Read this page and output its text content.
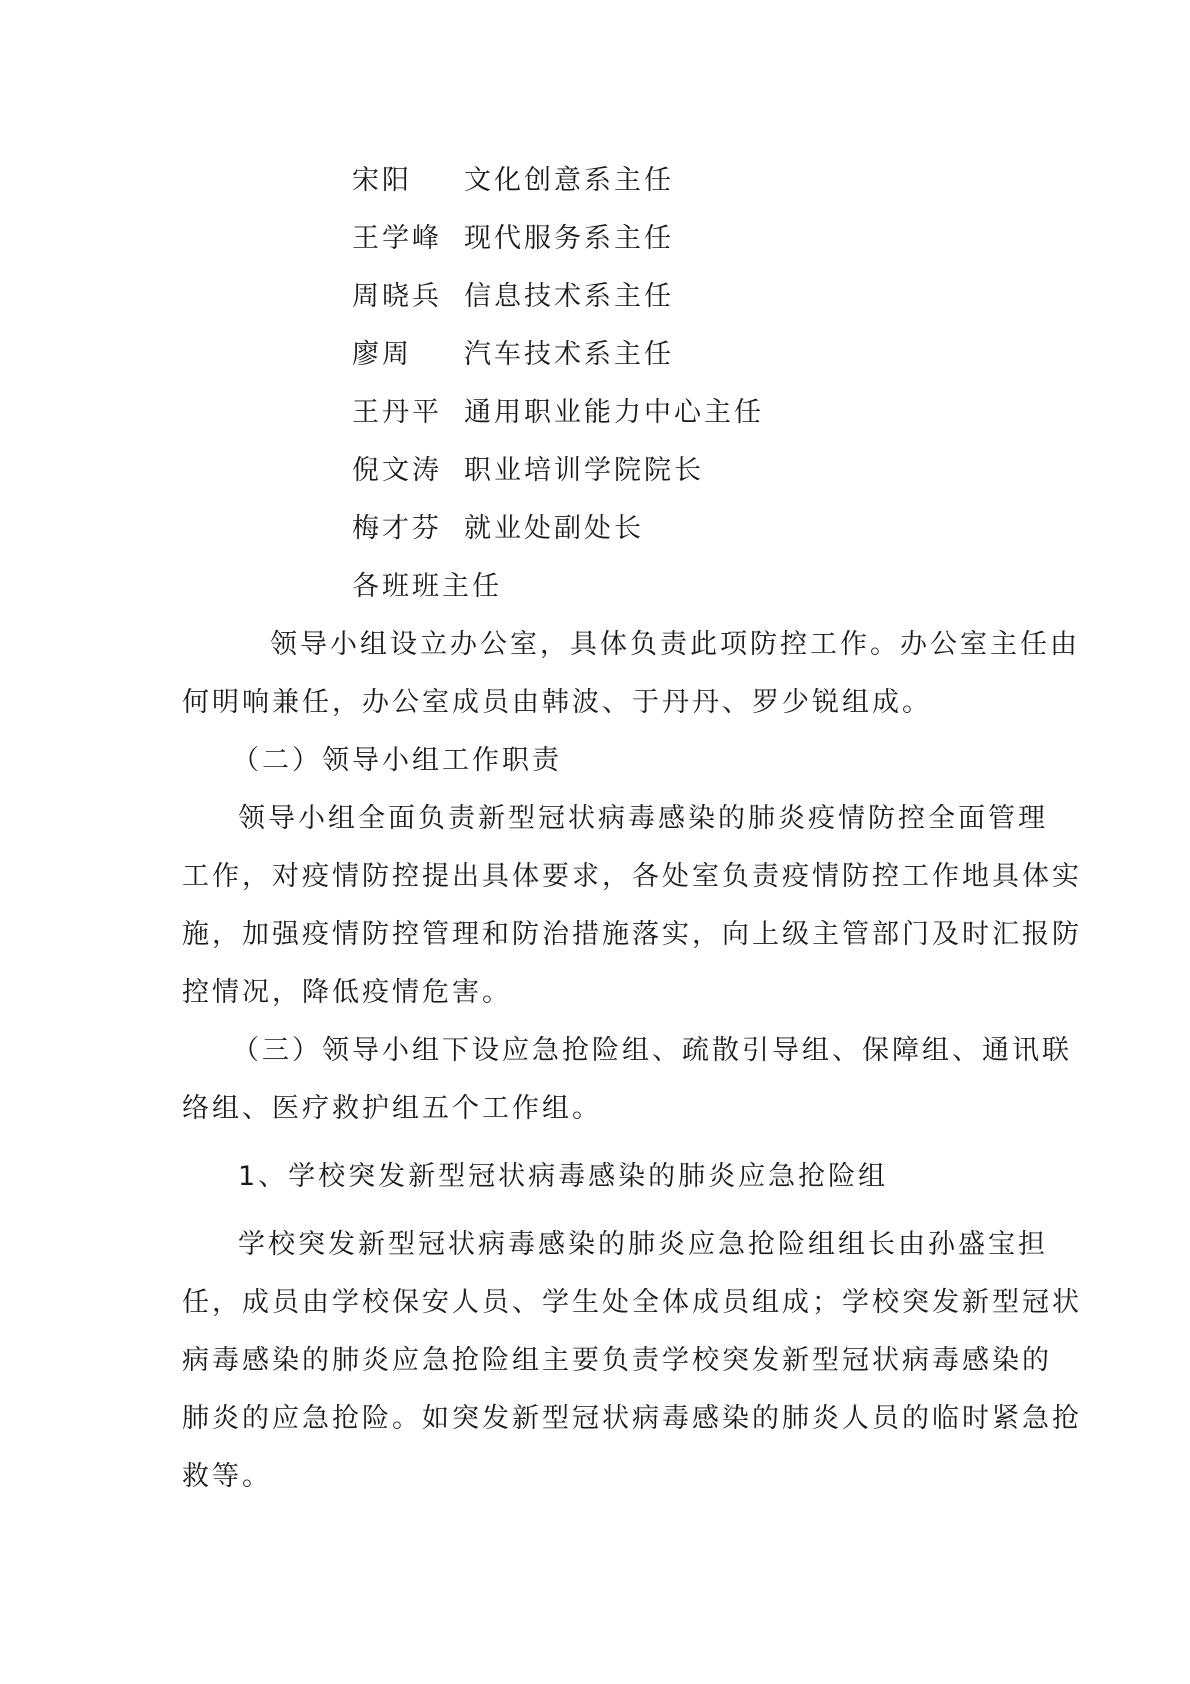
宋阳 文化创意系主任
王学峰 现代服务系主任
周晓兵 信息技术系主任
廖周 汽车技术系主任
王丹平 通用职业能力中心主任
倪文涛 职业培训学院院长
梅才芬 就业处副处长
各班班主任
领导小组设立办公室，具体负责此项防控工作。办公室主任由
何明响兼任，办公室成员由韩波、于丹丹、罗少锐组成。
（二）领导小组工作职责
领导小组全面负责新型冠状病毒感染的肺炎疫情防控全面管理
工作，对疫情防控提出具体要求，各处室负责疫情防控工作地具体实
施，加强疫情防控管理和防治措施落实，向上级主管部门及时汇报防
控情况，降低疫情危害。
（三）领导小组下设应急抢险组、疏散引导组、保障组、通讯联
络组、医疗救护组五个工作组。
1、学校突发新型冠状病毒感染的肺炎应急抢险组
学校突发新型冠状病毒感染的肺炎应急抢险组组长由孙盛宝担
任，成员由学校保安人员、学生处全体成员组成；学校突发新型冠状
病毒感染的肺炎应急抢险组主要负责学校突发新型冠状病毒感染的
肺炎的应急抢险。如突发新型冠状病毒感染的肺炎人员的临时紧急抢
救等。
